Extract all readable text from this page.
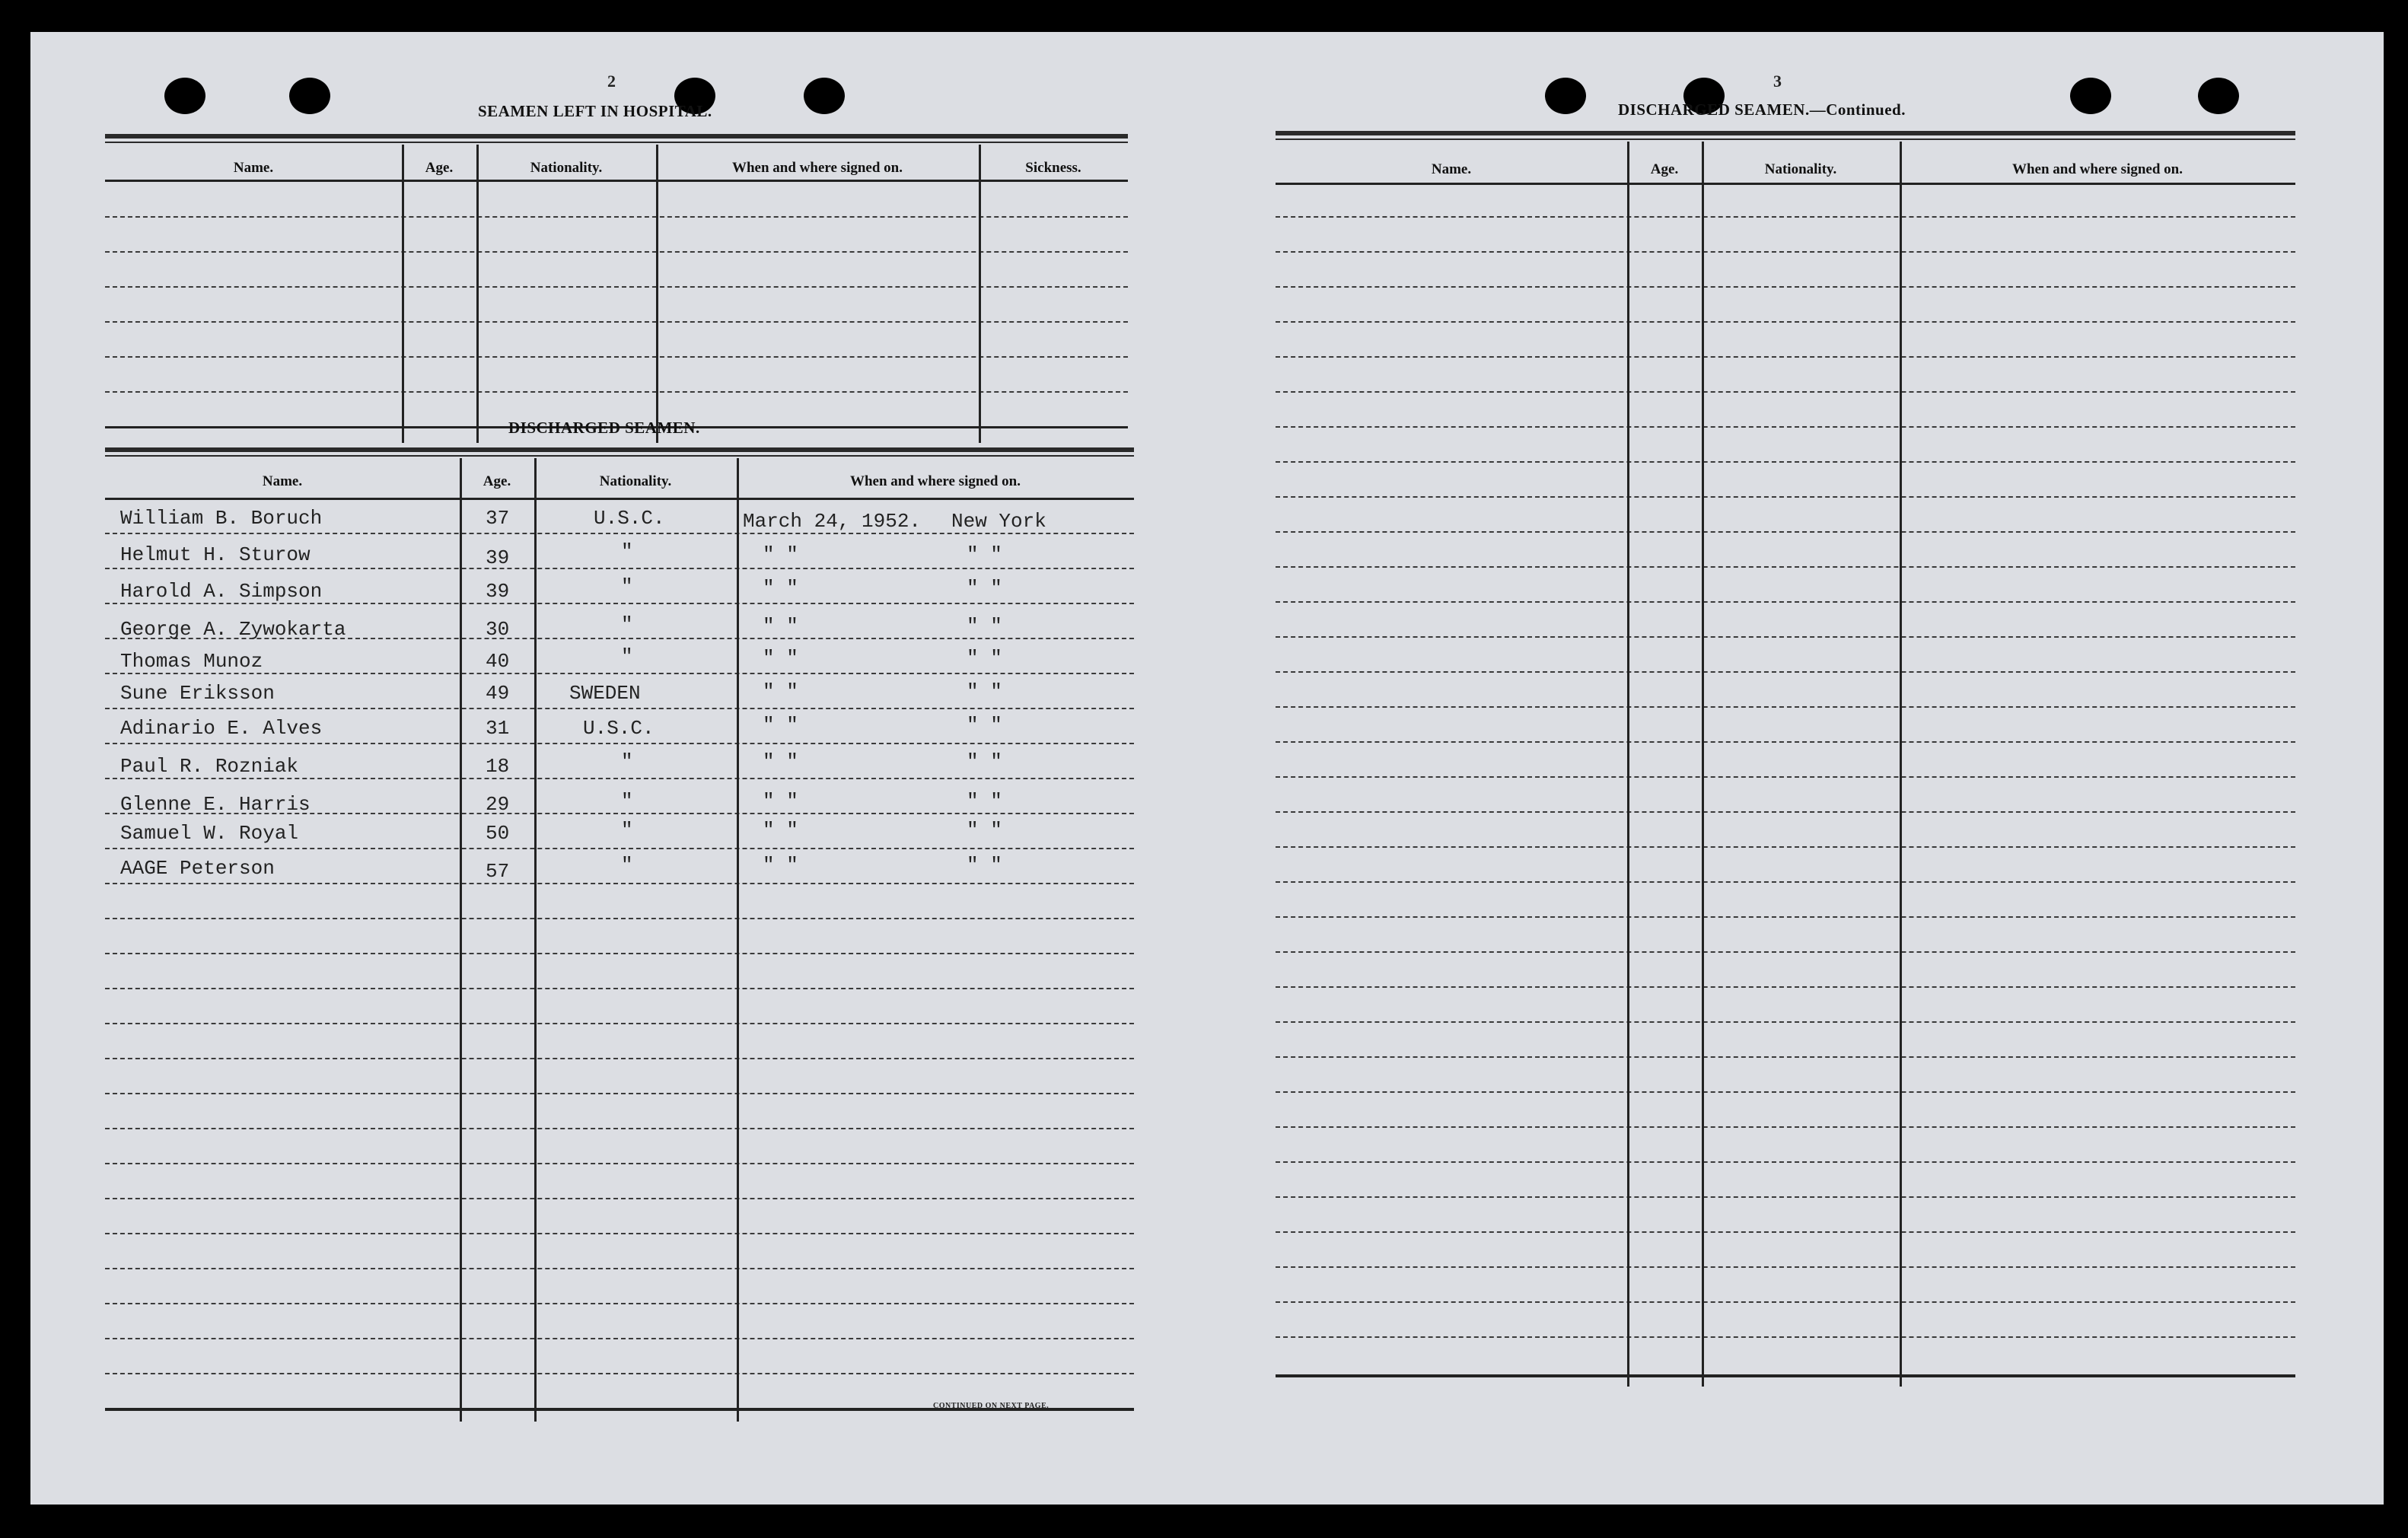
2
SEAMEN LEFT IN HOSPITAL.
Name.	Age.	Nationality.	When and where signed on.	Sickness.
DISCHARGED SEAMEN.
Name.	Age.	Nationality.	When and where signed on.
William B. Boruch	37	U.S.C.	March 24, 1952. New York
Helmut H. Sturow	39	"	" "	" "
Harold A. Simpson	39	"	" "	" "
George A. Zywokarta	30	"	" "	" "
Thomas Munoz	40	"	" "	" "
Sune Eriksson	49	SWEDEN	" "	" "
Adinario E. Alves	31	U.S.C.	" "	" "
Paul R. Rozniak	18	"	" "	" "
Glenne E. Harris	29	"	" "	" "
Samuel W. Royal	50	"	" "	" "
AAGE Peterson	57	"	" "	" "
CONTINUED ON NEXT PAGE.
3
DISCHARGED SEAMEN.—Continued.
Name.	Age.	Nationality.	When and where signed on.
